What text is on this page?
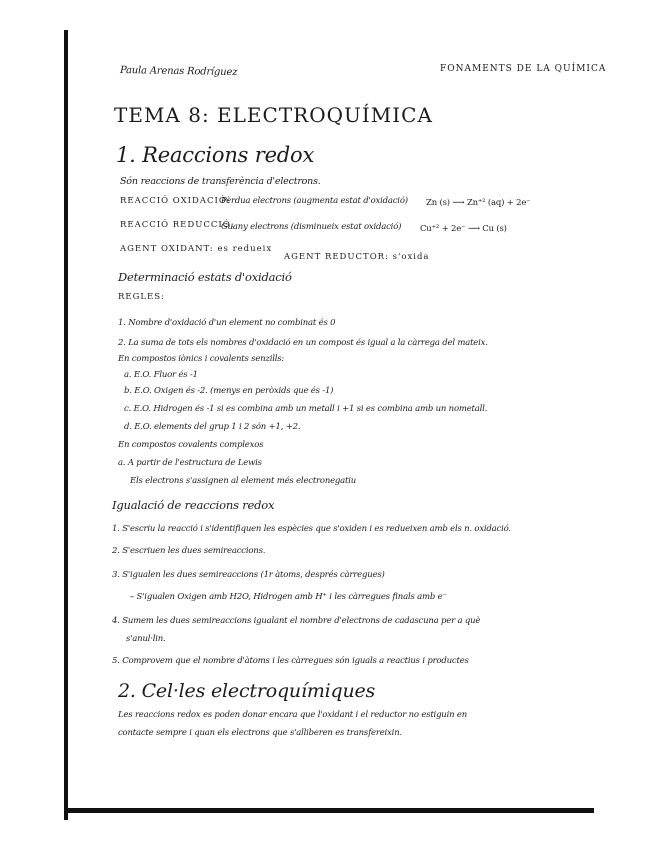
Paula Arenas Rodríguez	FONAMENTS DE LA QUÍMICA
TEMA 8: ELECTROQUÍMICA
1. Reaccions redox
Són reaccions de transferència d'electrons.
REACCIÓ OXIDACIÓ:
Pèrdua electrons (augmenta estat d'oxidació) Zn (s) ⟶ Zn⁺² (aq) + 2e⁻
REACCIÓ REDUCCIÓ:
Guany electrons (disminueix estat oxidació) Cu⁺² + 2e⁻ ⟶ Cu (s)
AGENT OXIDANT: es redueix
AGENT REDUCTOR: s'oxida
Determinació estats d'oxidació
REGLES:
1. Nombre d'oxidació d'un element no combinat és 0
2. La suma de tots els nombres d'oxidació en un compost és igual a la càrrega del mateix.
En compostos iònics i covalents senzills:
a. E.O. Fluor és -1
b. E.O. Oxigen és -2. (menys en peròxids que és -1)
c. E.O. Hidrogen és -1 si es combina amb un metall i +1 si es combina amb un nometall.
d. E.O. elements del grup 1 i 2 són +1, +2.
En compostos covalents complexos
a. A partir de l'estructura de Lewis
Els electrons s'assignen al element més electronegatiu
Igualació de reaccions redox
1. S'escriu la reacció i s'identifiquen les espècies que s'oxiden i es redueixen amb els n. oxidació.
2. S'escriuen les dues semireaccions.
3. S'igualen les dues semireaccions (1r àtoms, després càrregues)
– S'igualen Oxigen amb H2O, Hidrogen amb H⁺ i les càrregues finals amb e⁻
4. Sumem les dues semireaccions igualant el nombre d'electrons de cadascuna per a què
s'anul·lin.
5. Comprovem que el nombre d'àtoms i les càrregues són iguals a reactius i productes
2. Cel·les electroquímiques
Les reaccions redox es poden donar encara que l'oxidant i el reductor no estiguin en
contacte sempre i quan els electrons que s'alliberen es transfereixin.
